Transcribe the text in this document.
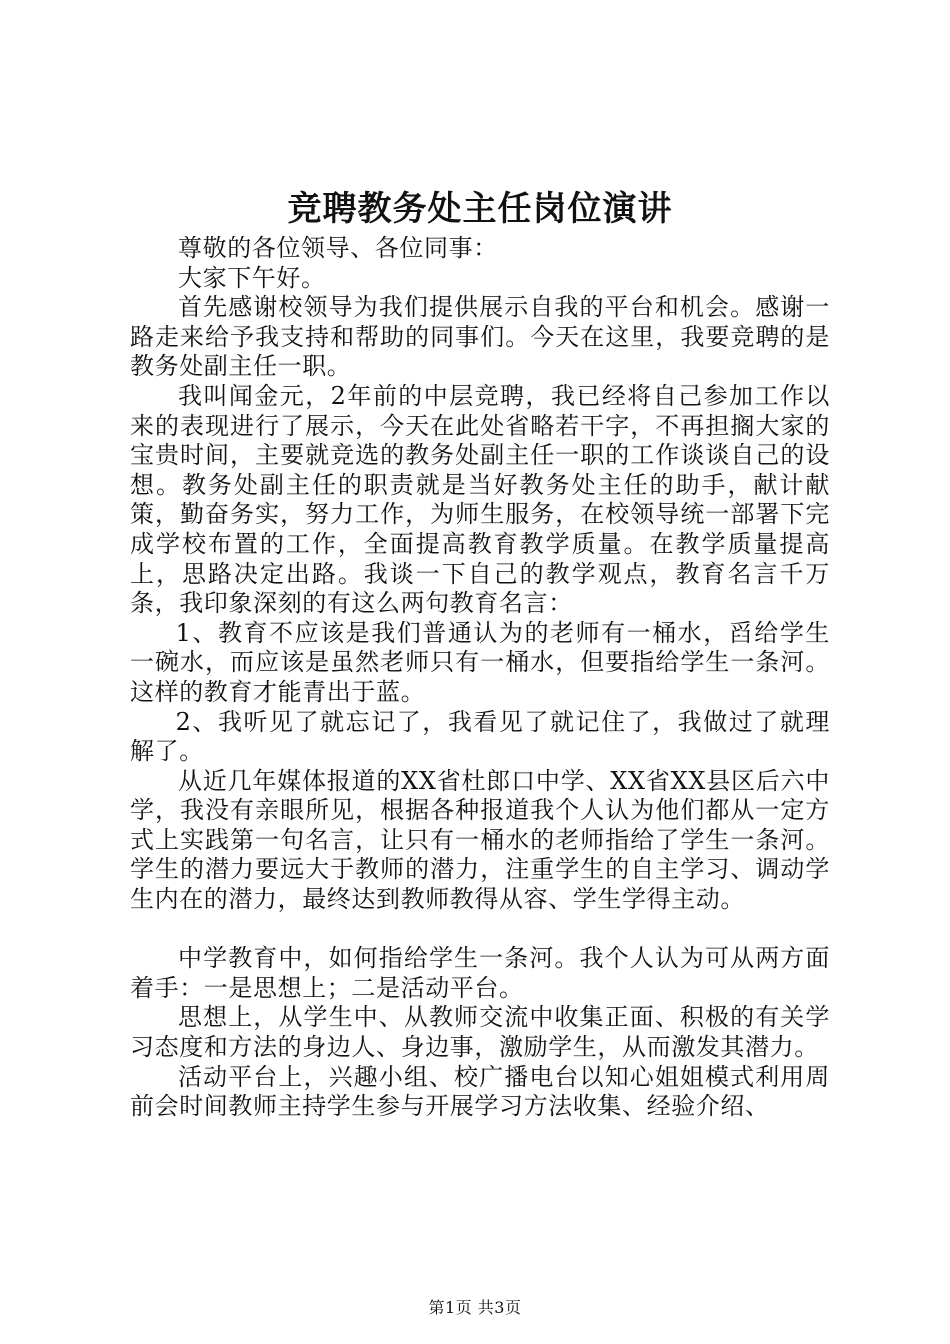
竞聘教务处主任岗位演讲

尊敬的各位领导、各位同事：

大家下午好。

首先感谢校领导为我们提供展示自我的平台和机会。感谢一路走来给予我支持和帮助的同事们。今天在这里，我要竞聘的是教务处副主任一职。

我叫闻金元，2年前的中层竞聘，我已经将自己参加工作以来的表现进行了展示，今天在此处省略若干字，不再担搁大家的宝贵时间，主要就竞选的教务处副主任一职的工作谈谈自己的设想。教务处副主任的职责就是当好教务处主任的助手，献计献策，勤奋务实，努力工作，为师生服务，在校领导统一部署下完成学校布置的工作，全面提高教育教学质量。在教学质量提高上，思路决定出路。我谈一下自己的教学观点，教育名言千万条，我印象深刻的有这么两句教育名言：

1、教育不应该是我们普通认为的老师有一桶水，舀给学生一碗水，而应该是虽然老师只有一桶水，但要指给学生一条河。这样的教育才能青出于蓝。

2、我听见了就忘记了，我看见了就记住了，我做过了就理解了。

从近几年媒体报道的XX省杜郎口中学、XX省XX县区后六中学，我没有亲眼所见，根据各种报道我个人认为他们都从一定方式上实践第一句名言，让只有一桶水的老师指给了学生一条河。学生的潜力要远大于教师的潜力，注重学生的自主学习、调动学生内在的潜力，最终达到教师教得从容、学生学得主动。

中学教育中，如何指给学生一条河。我个人认为可从两方面着手：一是思想上；二是活动平台。

思想上，从学生中、从教师交流中收集正面、积极的有关学习态度和方法的身边人、身边事，激励学生，从而激发其潜力。

活动平台上，兴趣小组、校广播电台以知心姐姐模式利用周前会时间教师主持学生参与开展学习方法收集、经验介绍、

第1页 共3页
